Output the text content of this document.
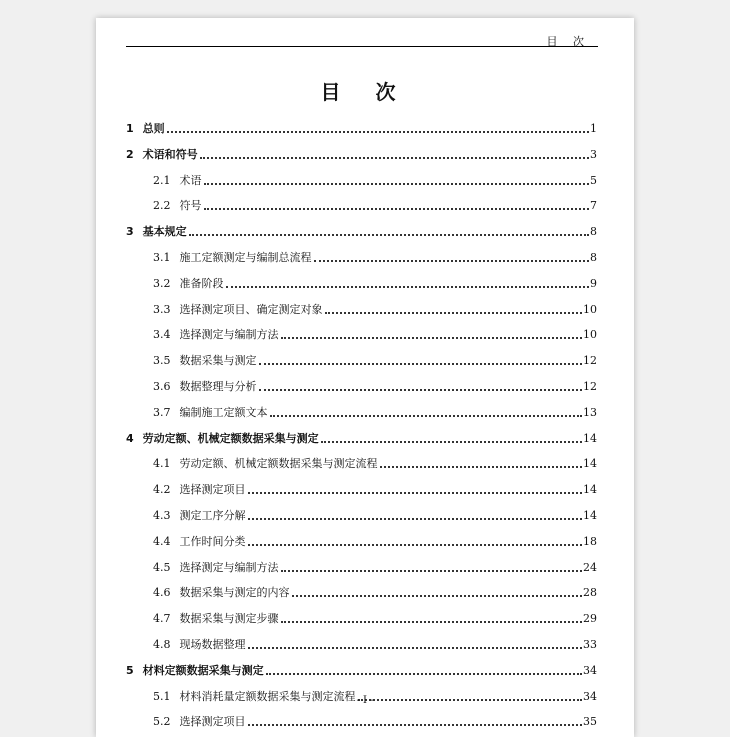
目 次
目 次
1 总则	1
2 术语和符号	3
2.1 术语	5
2.2 符号	7
3 基本规定	8
3.1 施工定额测定与编制总流程	8
3.2 准备阶段	9
3.3 选择测定项目、确定测定对象	10
3.4 选择测定与编制方法	10
3.5 数据采集与测定	12
3.6 数据整理与分析	12
3.7 编制施工定额文本	13
4 劳动定额、机械定额数据采集与测定	14
4.1 劳动定额、机械定额数据采集与测定流程	14
4.2 选择测定项目	14
4.3 测定工序分解	14
4.4 工作时间分类	18
4.5 选择测定与编制方法	24
4.6 数据采集与测定的内容	28
4.7 数据采集与测定步骤	29
4.8 现场数据整理	33
5 材料定额数据采集与测定	34
5.1 材料消耗量定额数据采集与测定流程	34
5.2 选择测定项目	35
- I -
